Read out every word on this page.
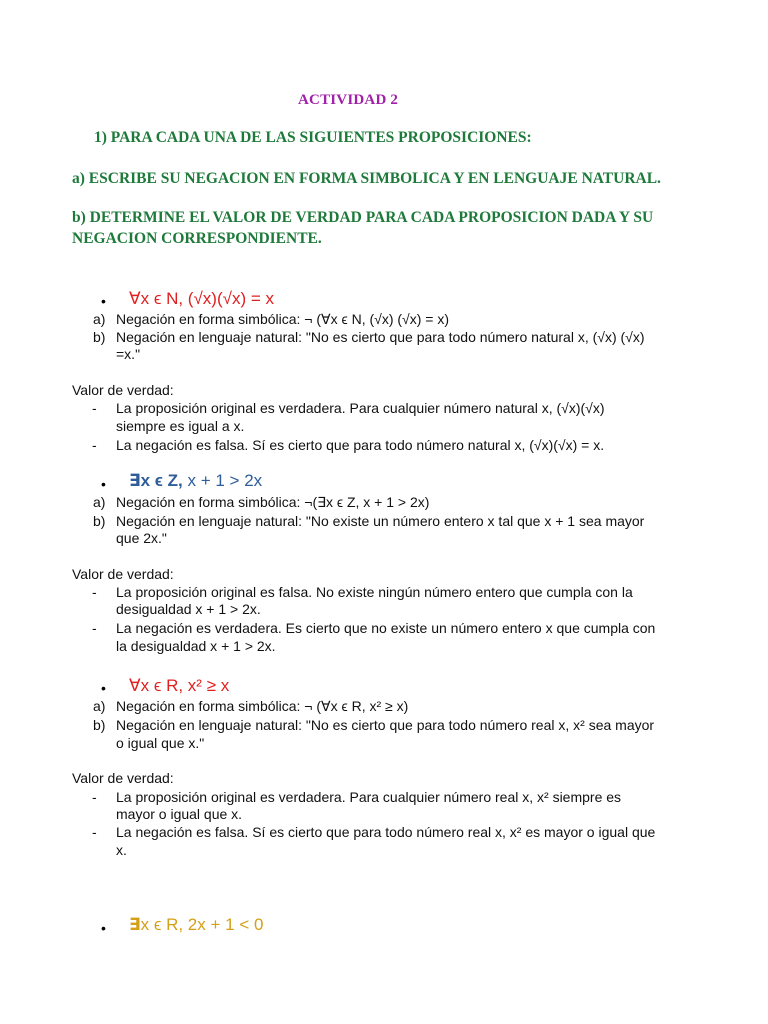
ACTIVIDAD 2
1) PARA CADA UNA DE LAS SIGUIENTES PROPOSICIONES:
a) ESCRIBE SU NEGACION EN FORMA SIMBOLICA Y EN LENGUAJE NATURAL.
b) DETERMINE EL VALOR DE VERDAD PARA CADA PROPOSICION DADA Y SU NEGACION CORRESPONDIENTE.
• ∀x ϵ N, (√x)(√x) = x
a) Negación en forma simbólica: ¬ (∀x ϵ N, (√x) (√x) = x)
b) Negación en lenguaje natural: "No es cierto que para todo número natural x, (√x) (√x)
=x."
Valor de verdad:
- La proposición original es verdadera. Para cualquier número natural x, (√x)(√x)
siempre es igual a x.
- La negación es falsa. Sí es cierto que para todo número natural x, (√x)(√x) = x.
• ∃x ϵ Z, x + 1 > 2x
a) Negación en forma simbólica: ¬(∃x ϵ Z, x + 1 > 2x)
b) Negación en lenguaje natural: "No existe un número entero x tal que x + 1 sea mayor
que 2x."
Valor de verdad:
- La proposición original es falsa. No existe ningún número entero que cumpla con la
desigualdad x + 1 > 2x.
- La negación es verdadera. Es cierto que no existe un número entero x que cumpla con
la desigualdad x + 1 > 2x.
• ∀x ϵ R, x² ≥ x
a) Negación en forma simbólica: ¬ (∀x ϵ R, x² ≥ x)
b) Negación en lenguaje natural: "No es cierto que para todo número real x, x² sea mayor
o igual que x."
Valor de verdad:
- La proposición original es verdadera. Para cualquier número real x, x² siempre es
mayor o igual que x.
- La negación es falsa. Sí es cierto que para todo número real x, x² es mayor o igual que
x.
• ∃x ϵ R, 2x + 1 < 0
